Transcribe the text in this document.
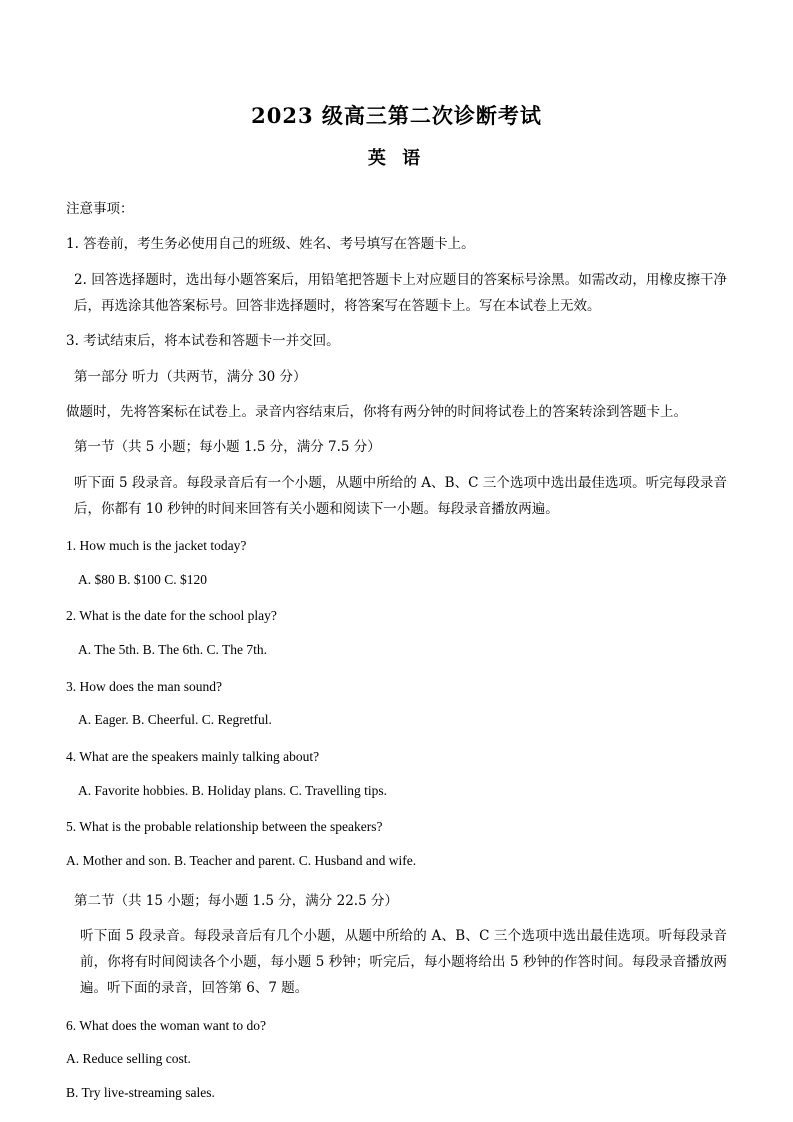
2023 级高三第二次诊断考试
英 语

注意事项：

1. 答卷前，考生务必使用自己的班级、姓名、考号填写在答题卡上。

2. 回答选择题时，选出每小题答案后，用铅笔把答题卡上对应题目的答案标号涂黑。如需改动，用橡皮擦干净后，再选涂其他答案标号。回答非选择题时，将答案写在答题卡上。写在本试卷上无效。

3. 考试结束后，将本试卷和答题卡一并交回。

第一部分 听力（共两节，满分 30 分）

做题时，先将答案标在试卷上。录音内容结束后，你将有两分钟的时间将试卷上的答案转涂到答题卡上。

第一节（共 5 小题；每小题 1.5 分，满分 7.5 分）

听下面 5 段录音。每段录音后有一个小题，从题中所给的 A、B、C 三个选项中选出最佳选项。听完每段录音后，你都有 10 秒钟的时间来回答有关小题和阅读下一小题。每段录音播放两遍。

1. How much is the jacket today?

A. $80 B. $100 C. $120

2. What is the date for the school play?

A. The 5th. B. The 6th. C. The 7th.

3. How does the man sound?

A. Eager. B. Cheerful. C. Regretful.

4. What are the speakers mainly talking about?

A. Favorite hobbies. B. Holiday plans. C. Travelling tips.

5. What is the probable relationship between the speakers?

A. Mother and son. B. Teacher and parent. C. Husband and wife.

第二节（共 15 小题；每小题 1.5 分，满分 22.5 分）

听下面 5 段录音。每段录音后有几个小题，从题中所给的 A、B、C 三个选项中选出最佳选项。听每段录音前，你将有时间阅读各个小题，每小题 5 秒钟；听完后，每小题将给出 5 秒钟的作答时间。每段录音播放两遍。听下面的录音，回答第 6、7 题。

6. What does the woman want to do?

A. Reduce selling cost.

B. Try live-streaming sales.
